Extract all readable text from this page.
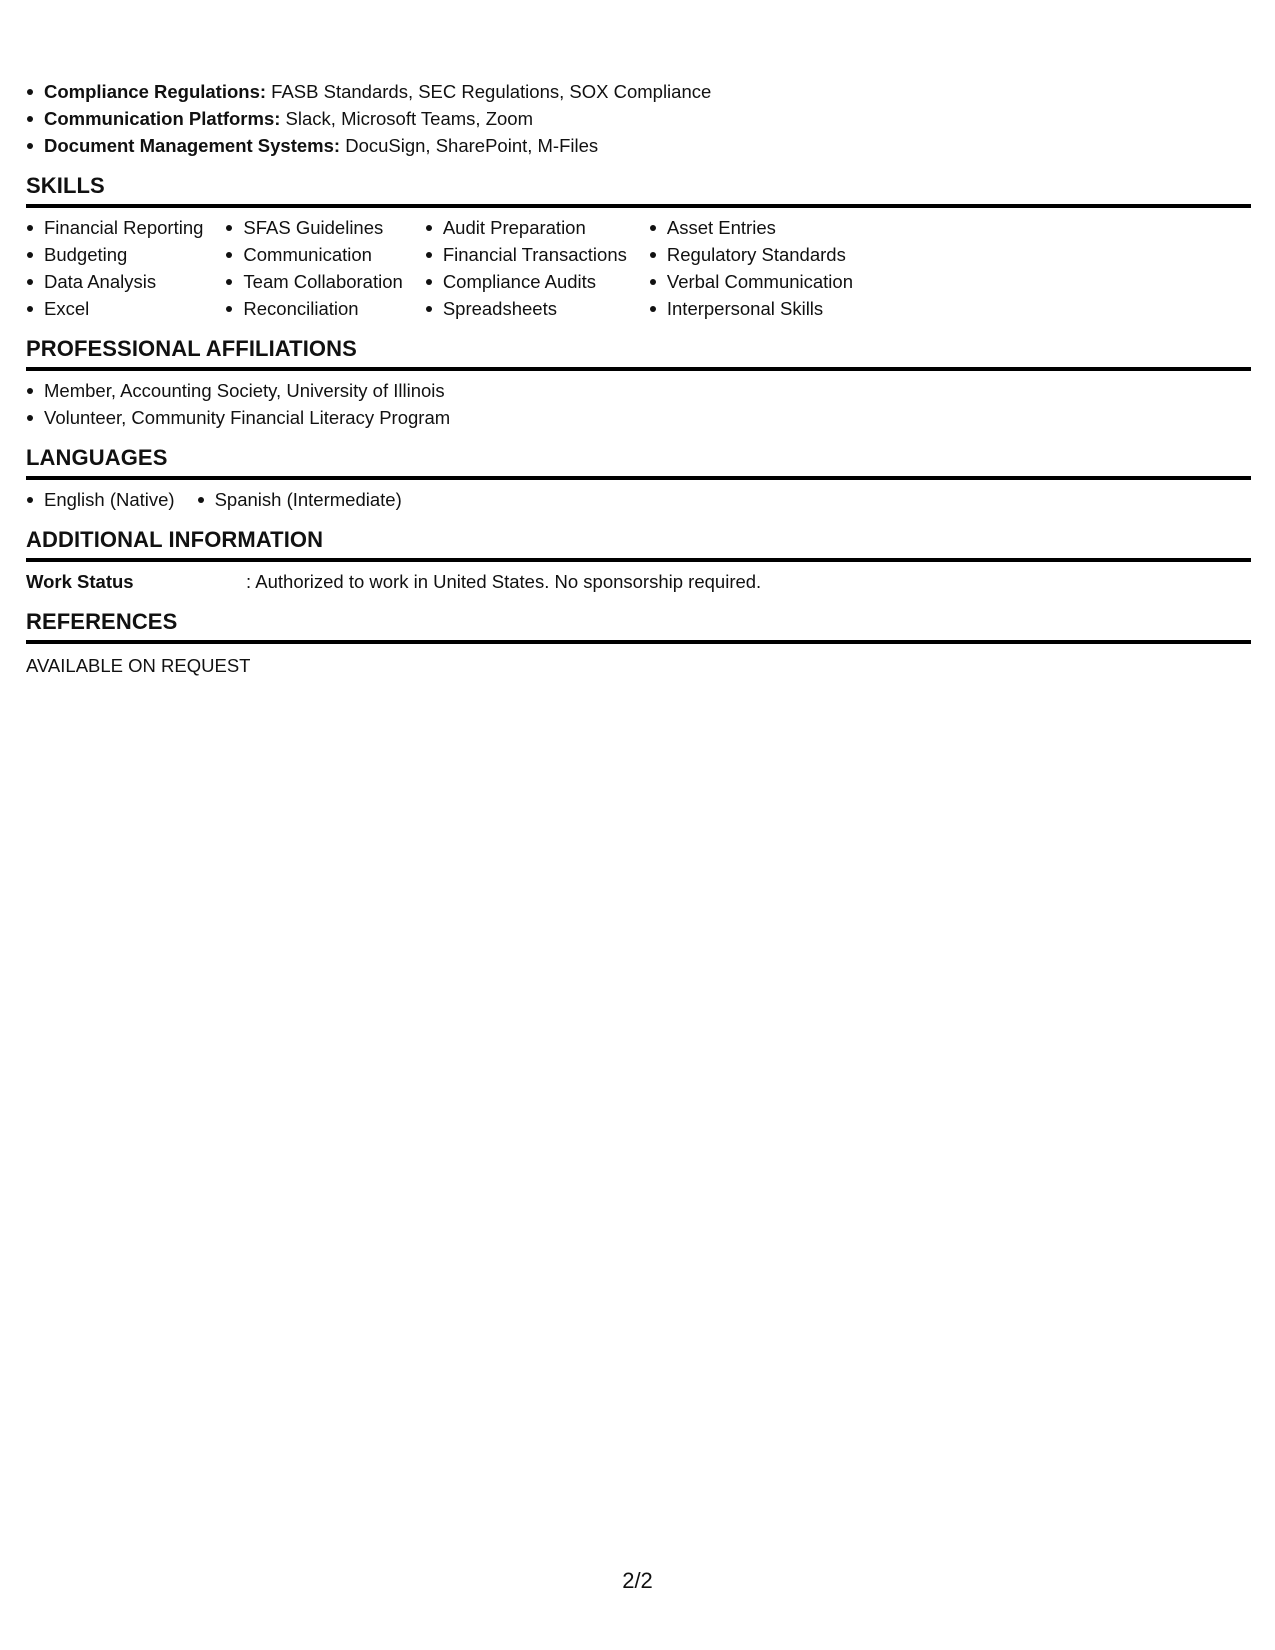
Compliance Regulations: FASB Standards, SEC Regulations, SOX Compliance
Communication Platforms: Slack, Microsoft Teams, Zoom
Document Management Systems: DocuSign, SharePoint, M-Files
SKILLS
Financial Reporting
Budgeting
Data Analysis
Excel
SFAS Guidelines
Communication
Team Collaboration
Reconciliation
Audit Preparation
Financial Transactions
Compliance Audits
Spreadsheets
Asset Entries
Regulatory Standards
Verbal Communication
Interpersonal Skills
PROFESSIONAL AFFILIATIONS
Member, Accounting Society, University of Illinois
Volunteer, Community Financial Literacy Program
LANGUAGES
English (Native)	Spanish (Intermediate)
ADDITIONAL INFORMATION
Work Status	: Authorized to work in United States. No sponsorship required.
REFERENCES
AVAILABLE ON REQUEST
2/2
